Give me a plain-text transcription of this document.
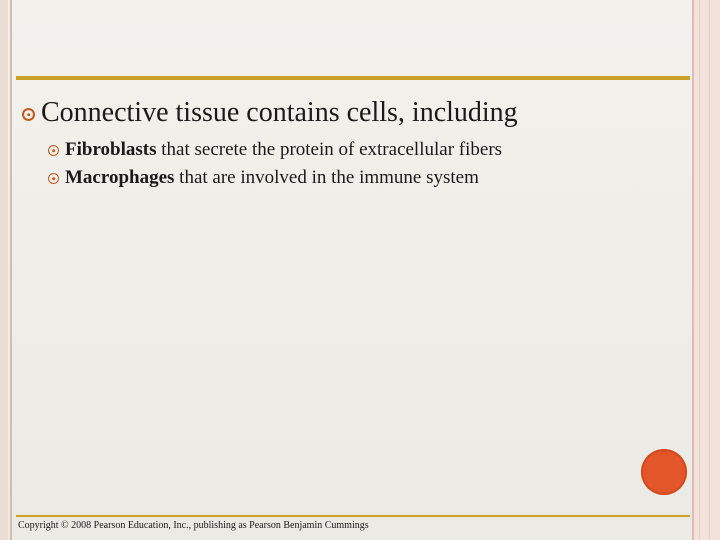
Connective tissue contains cells, including
Fibroblasts that secrete the protein of extracellular fibers
Macrophages that are involved in the immune system
Copyright © 2008 Pearson Education, Inc., publishing as Pearson Benjamin Cummings
